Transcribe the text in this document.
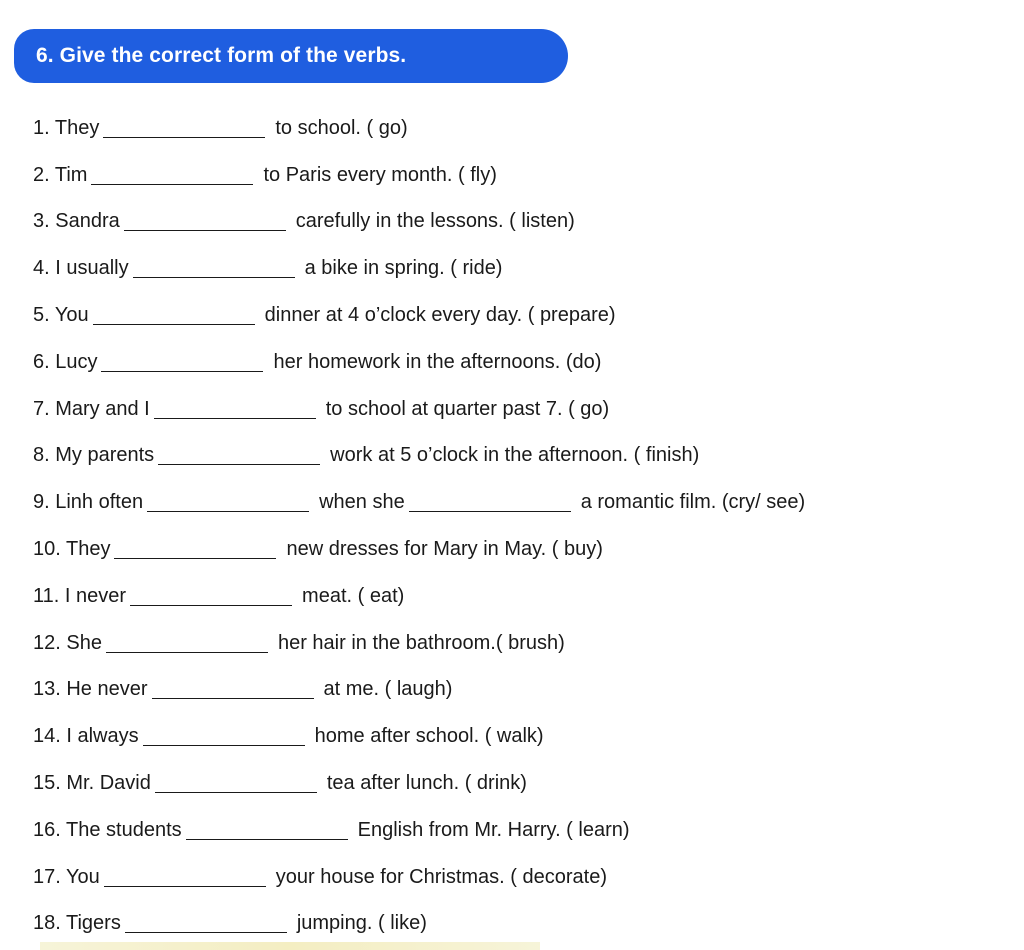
6. Give the correct form of the verbs.
1. They	to school. ( go)
2. Tim	to Paris every month. ( fly)
3. Sandra	carefully in the lessons. ( listen)
4. I usually	a bike in spring. ( ride)
5. You	dinner at 4 o’clock every day. ( prepare)
6. Lucy	her homework in the afternoons. (do)
7. Mary and I	to school at quarter past 7. ( go)
8. My parents	work at 5 o’clock in the afternoon. ( finish)
9. Linh often	when she	a romantic film. (cry/ see)
10. They	new dresses for Mary in May. ( buy)
11. I never	meat. ( eat)
12. She	her hair in the bathroom.( brush)
13. He never	at me. ( laugh)
14. I always	home after school. ( walk)
15. Mr. David	tea after lunch. ( drink)
16. The students	English from Mr. Harry. ( learn)
17. You	your house for Christmas. ( decorate)
18. Tigers	jumping. ( like)
